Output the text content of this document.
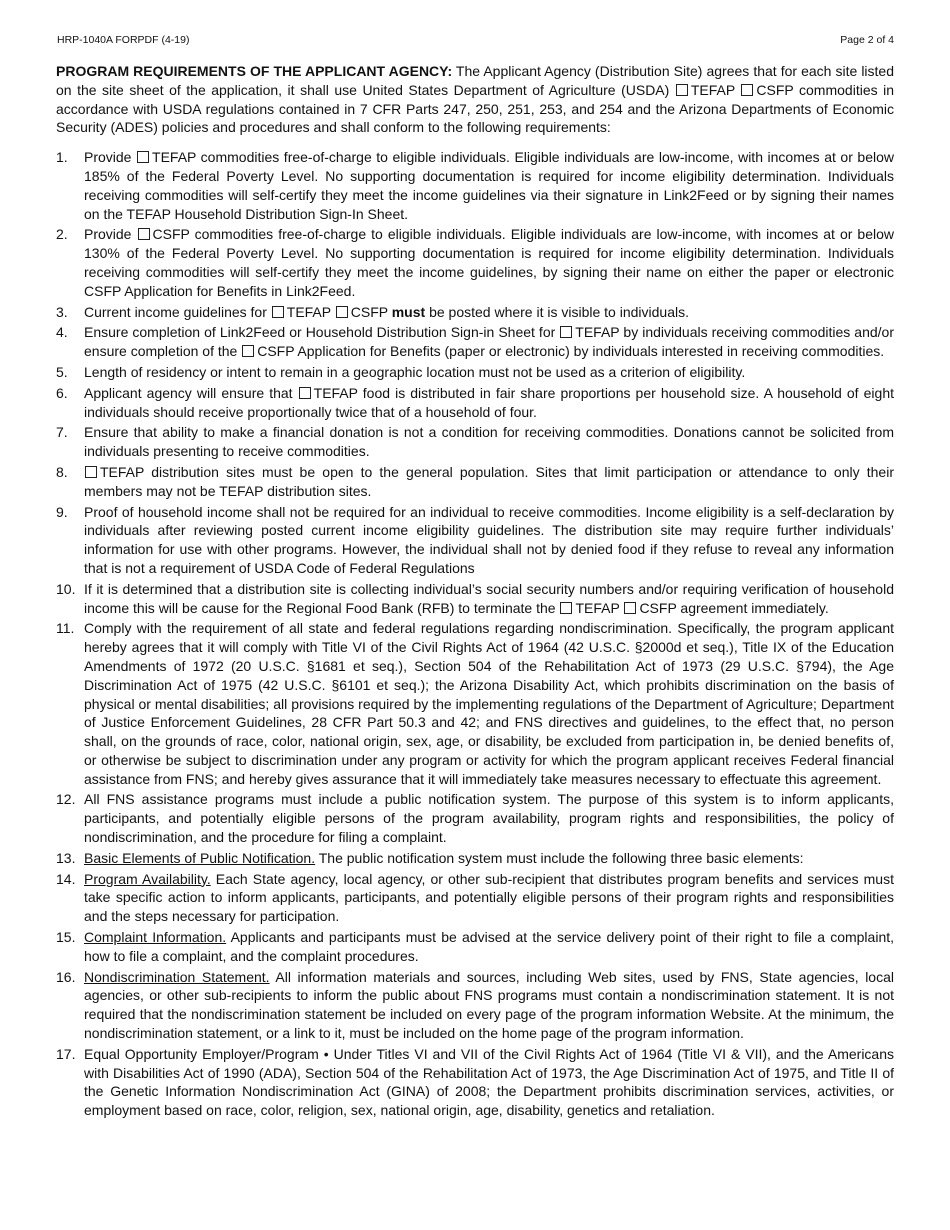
HRP-1040A FORPDF (4-19)	Page 2 of 4

PROGRAM REQUIREMENTS OF THE APPLICANT AGENCY: The Applicant Agency (Distribution Site) agrees that for each site listed on the site sheet of the application, it shall use United States Department of Agriculture (USDA) TEFAP CSFP commodities in accordance with USDA regulations contained in 7 CFR Parts 247, 250, 251, 253, and 254 and the Arizona Departments of Economic Security (ADES) policies and procedures and shall conform to the following requirements:

1.	Provide TEFAP commodities free-of-charge to eligible individuals. Eligible individuals are low-income, with incomes at or below 185% of the Federal Poverty Level. No supporting documentation is required for income eligibility determination. Individuals receiving commodities will self-certify they meet the income guidelines via their signature in Link2Feed or by signing their names on the TEFAP Household Distribution Sign-In Sheet.
2.	Provide CSFP commodities free-of-charge to eligible individuals. Eligible individuals are low-income, with incomes at or below 130% of the Federal Poverty Level. No supporting documentation is required for income eligibility determination. Individuals receiving commodities will self-certify they meet the income guidelines, by signing their name on either the paper or electronic CSFP Application for Benefits in Link2Feed.
3.	Current income guidelines for TEFAP CSFP must be posted where it is visible to individuals.
4.	Ensure completion of Link2Feed or Household Distribution Sign-in Sheet for TEFAP by individuals receiving commodities and/or ensure completion of the CSFP Application for Benefits (paper or electronic) by individuals interested in receiving commodities.
5.	Length of residency or intent to remain in a geographic location must not be used as a criterion of eligibility.
6.	Applicant agency will ensure that TEFAP food is distributed in fair share proportions per household size. A household of eight individuals should receive proportionally twice that of a household of four.
7.	Ensure that ability to make a financial donation is not a condition for receiving commodities. Donations cannot be solicited from individuals presenting to receive commodities.
8.	TEFAP distribution sites must be open to the general population. Sites that limit participation or attendance to only their members may not be TEFAP distribution sites.
9.	Proof of household income shall not be required for an individual to receive commodities. Income eligibility is a self-declaration by individuals after reviewing posted current income eligibility guidelines. The distribution site may require further individuals’ information for use with other programs. However, the individual shall not by denied food if they refuse to reveal any information that is not a requirement of USDA Code of Federal Regulations
10. If it is determined that a distribution site is collecting individual’s social security numbers and/or requiring verification of household income this will be cause for the Regional Food Bank (RFB) to terminate the TEFAP CSFP agreement immediately.
11. Comply with the requirement of all state and federal regulations regarding nondiscrimination. Specifically, the program applicant hereby agrees that it will comply with Title VI of the Civil Rights Act of 1964 (42 U.S.C. §2000d et seq.), Title IX of the Education Amendments of 1972 (20 U.S.C. §1681 et seq.), Section 504 of the Rehabilitation Act of 1973 (29 U.S.C. §794), the Age Discrimination Act of 1975 (42 U.S.C. §6101 et seq.); the Arizona Disability Act, which prohibits discrimination on the basis of physical or mental disabilities; all provisions required by the implementing regulations of the Department of Agriculture; Department of Justice Enforcement Guidelines, 28 CFR Part 50.3 and 42; and FNS directives and guidelines, to the effect that, no person shall, on the grounds of race, color, national origin, sex, age, or disability, be excluded from participation in, be denied benefits of, or otherwise be subject to discrimination under any program or activity for which the program applicant receives Federal financial assistance from FNS; and hereby gives assurance that it will immediately take measures necessary to effectuate this agreement.
12. All FNS assistance programs must include a public notification system. The purpose of this system is to inform applicants, participants, and potentially eligible persons of the program availability, program rights and responsibilities, the policy of nondiscrimination, and the procedure for filing a complaint.
13. Basic Elements of Public Notification. The public notification system must include the following three basic elements:
14. Program Availability. Each State agency, local agency, or other sub-recipient that distributes program benefits and services must take specific action to inform applicants, participants, and potentially eligible persons of their program rights and responsibilities and the steps necessary for participation.
15. Complaint Information. Applicants and participants must be advised at the service delivery point of their right to file a complaint, how to file a complaint, and the complaint procedures.
16. Nondiscrimination Statement. All information materials and sources, including Web sites, used by FNS, State agencies, local agencies, or other sub-recipients to inform the public about FNS programs must contain a nondiscrimination statement. It is not required that the nondiscrimination statement be included on every page of the program information Website. At the minimum, the nondiscrimination statement, or a link to it, must be included on the home page of the program information.
17. Equal Opportunity Employer/Program • Under Titles VI and VII of the Civil Rights Act of 1964 (Title VI & VII), and the Americans with Disabilities Act of 1990 (ADA), Section 504 of the Rehabilitation Act of 1973, the Age Discrimination Act of 1975, and Title II of the Genetic Information Nondiscrimination Act (GINA) of 2008; the Department prohibits discrimination services, activities, or employment based on race, color, religion, sex, national origin, age, disability, genetics and retaliation.
